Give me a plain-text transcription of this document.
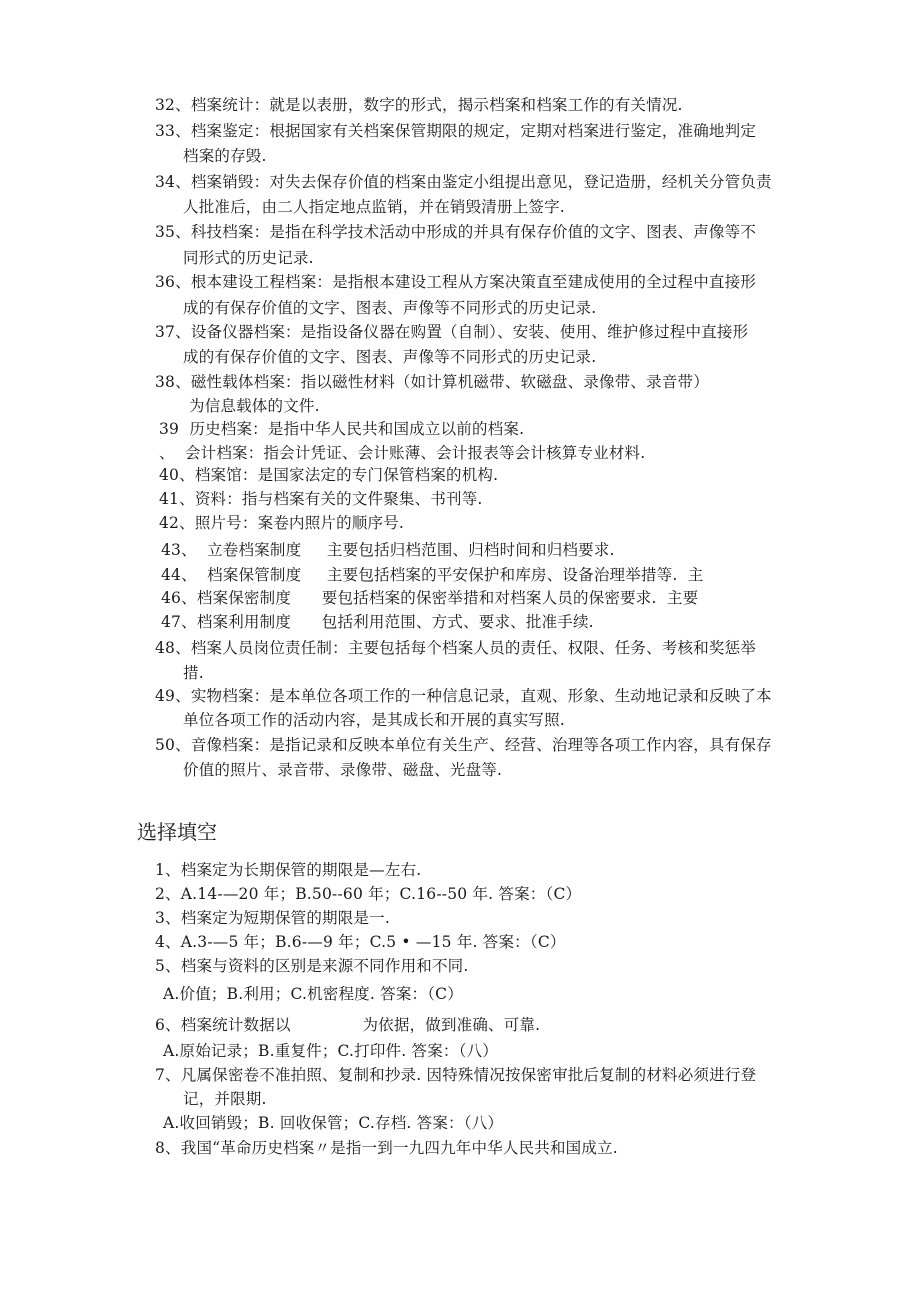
32、档案统计：就是以表册，数字的形式，揭示档案和档案工作的有关情况.
33、档案鉴定：根据国家有关档案保管期限的规定，定期对档案进行鉴定，准确地判定
档案的存毁.
34、档案销毁：对失去保存价值的档案由鉴定小组提出意见，登记造册，经机关分管负责
人批准后，由二人指定地点监销，并在销毁清册上签字.
35、科技档案：是指在科学技术活动中形成的并具有保存价值的文字、图表、声像等不
同形式的历史记录.
36、根本建设工程档案：是指根本建设工程从方案决策直至建成使用的全过程中直接形
成的有保存价值的文字、图表、声像等不同形式的历史记录.
37、设备仪器档案：是指设备仪器在购置（自制）、安装、使用、维护修过程中直接形
成的有保存价值的文字、图表、声像等不同形式的历史记录.
38、磁性载体档案：指以磁性材料（如计算机磁带、软磁盘、录像带、录音带）
为信息载体的文件.
39  历史档案：是指中华人民共和国成立以前的档案.
、  会计档案：指会计凭证、会计账薄、会计报表等会计核算专业材料.
40、档案馆：是国家法定的专门保管档案的机构.
41、资料：指与档案有关的文件聚集、书刊等.
42、照片号：案卷内照片的顺序号.
43、  立卷档案制度     主要包括归档范围、归档时间和归档要求.
44、  档案保管制度     主要包括档案的平安保护和库房、设备治理举措等.  主
46、档案保密制度      要包括档案的保密举措和对档案人员的保密要求.  主要
47、档案利用制度      包括利用范围、方式、要求、批准手续.
48、档案人员岗位责任制：主要包括每个档案人员的责任、权限、任务、考核和奖惩举
措.
49、实物档案：是本单位各项工作的一种信息记录，直观、形象、生动地记录和反映了本
单位各项工作的活动内容，是其成长和开展的真实写照.
50、音像档案：是指记录和反映本单位有关生产、经营、治理等各项工作内容，具有保存
价值的照片、录音带、录像带、磁盘、光盘等.
选择填空
1、档案定为长期保管的期限是—左右.
2、A.14-—20 年；B.50--60 年；C.16--50 年. 答案：（C）
3、档案定为短期保管的期限是一.
4、A.3-—5 年；B.6-—9 年；C.5 • —15 年. 答案：（C）
5、档案与资料的区别是来源不同作用和不同.
A.价值；B.利用；C.机密程度. 答案：（C）
6、档案统计数据以              为依据，做到准确、可靠.
A.原始记录；B.重复件；C.打印件. 答案：（八）
7、凡属保密卷不准拍照、复制和抄录. 因特殊情况按保密审批后复制的材料必须进行登
记，并限期.
A.收回销毁；B. 回收保管；C.存档. 答案：（八）
8、我国“革命历史档案〃是指一到一九四九年中华人民共和国成立.
